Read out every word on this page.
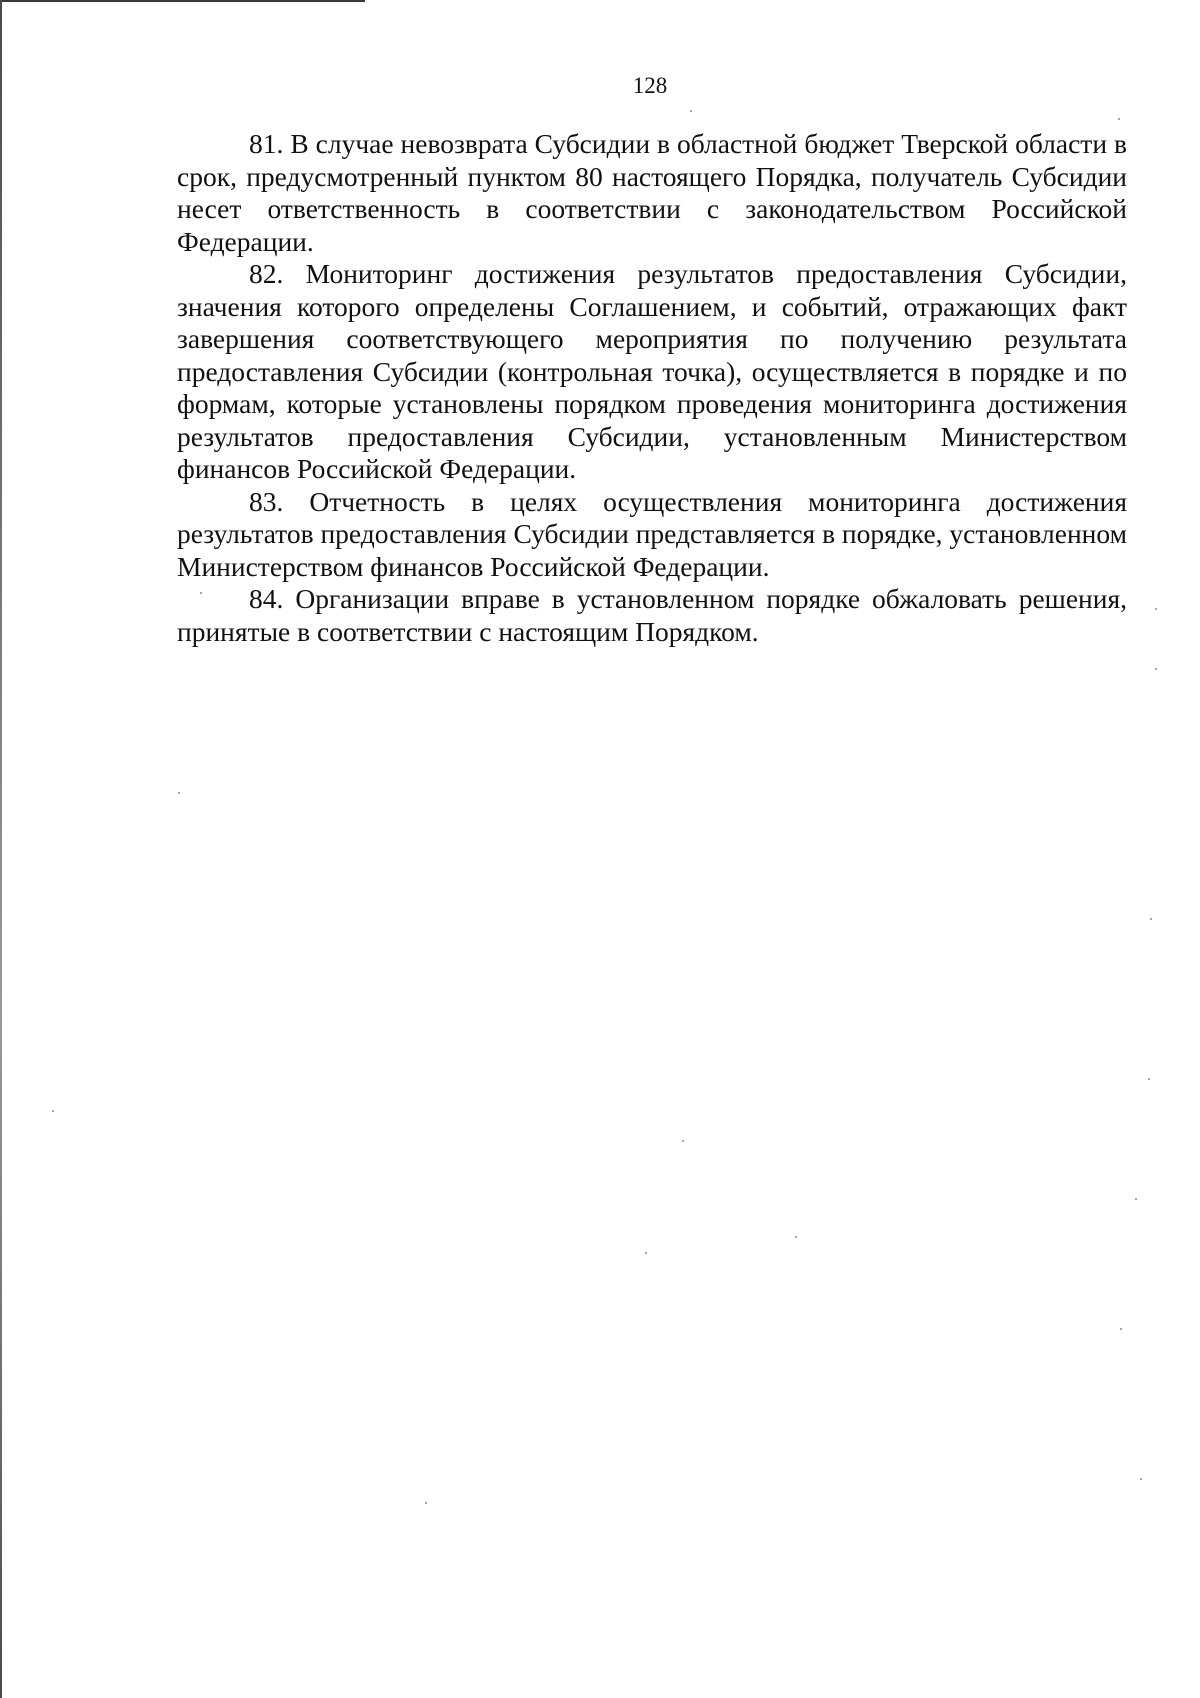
128

81. В случае невозврата Субсидии в областной бюджет Тверской области в срок, предусмотренный пунктом 80 настоящего Порядка, получатель Субсидии несет ответственность в соответствии с законодательством Российской Федерации.

82. Мониторинг достижения результатов предоставления Субсидии, значения которого определены Соглашением, и событий, отражающих факт завершения соответствующего мероприятия по получению результата предоставления Субсидии (контрольная точка), осуществляется в порядке и по формам, которые установлены порядком проведения мониторинга достижения результатов предоставления Субсидии, установленным Министерством финансов Российской Федерации.

83. Отчетность в целях осуществления мониторинга достижения результатов предоставления Субсидии представляется в порядке, установленном Министерством финансов Российской Федерации.

84. Организации вправе в установленном порядке обжаловать решения, принятые в соответствии с настоящим Порядком.
